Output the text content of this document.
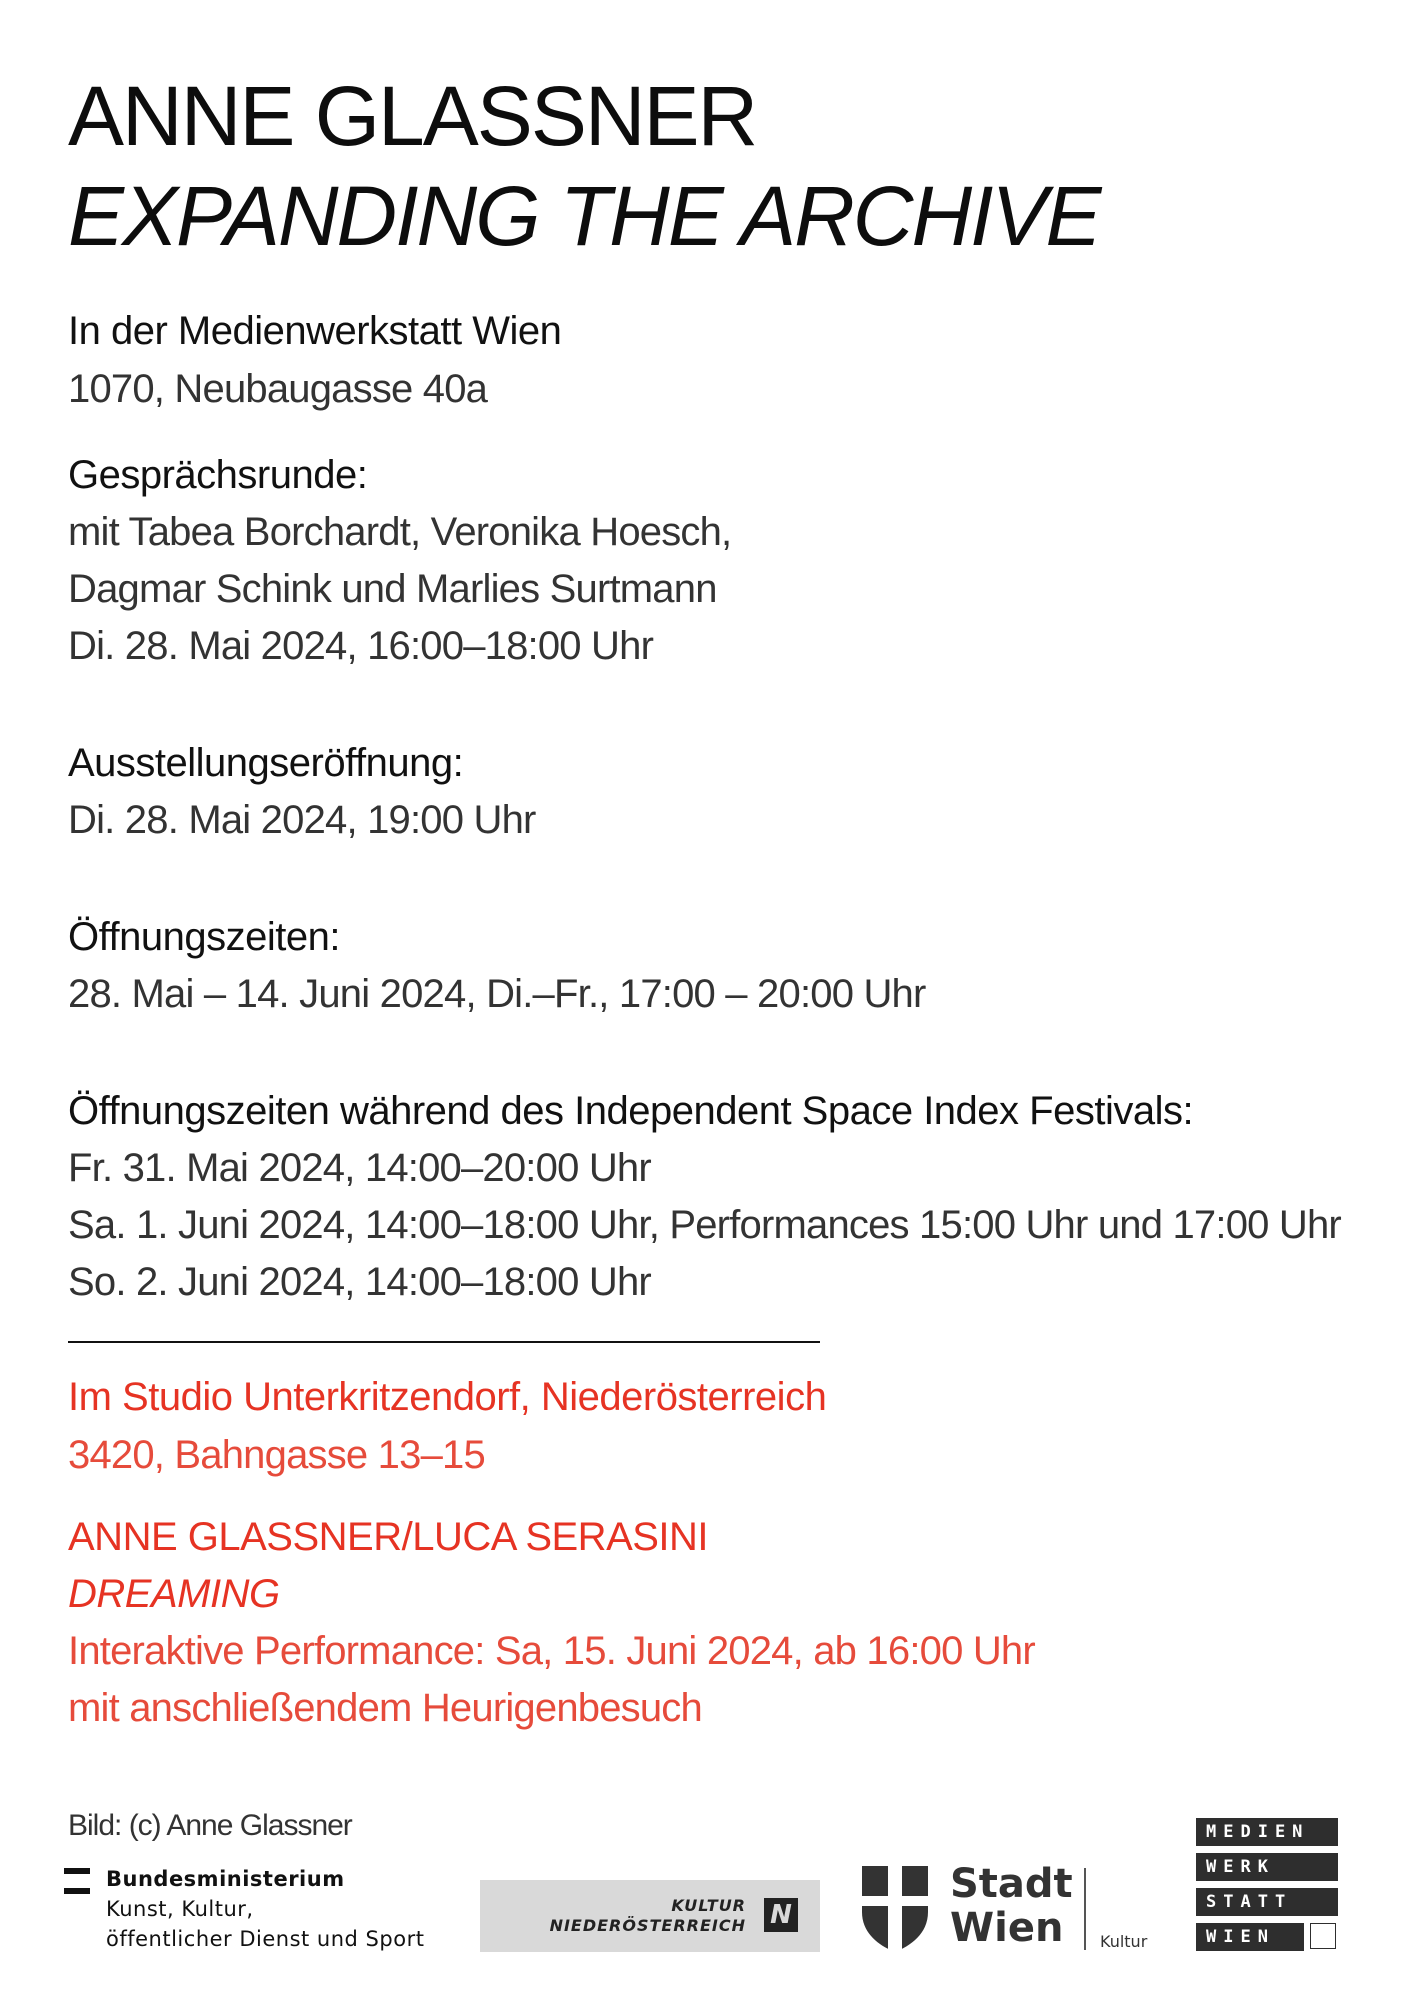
ANNE GLASSNER
EXPANDING THE ARCHIVE
In der Medienwerkstatt Wien
1070, Neubaugasse 40a
Gesprächsrunde:
mit Tabea Borchardt, Veronika Hoesch,
Dagmar Schink und Marlies Surtmann
Di. 28. Mai 2024, 16:00–18:00 Uhr
Ausstellungseröffnung:
Di. 28. Mai 2024, 19:00 Uhr
Öffnungszeiten:
28. Mai – 14. Juni 2024, Di.–Fr., 17:00 – 20:00 Uhr
Öffnungszeiten während des Independent Space Index Festivals:
Fr. 31. Mai 2024, 14:00–20:00 Uhr
Sa. 1. Juni 2024, 14:00–18:00 Uhr, Performances 15:00 Uhr und 17:00 Uhr
So. 2. Juni 2024, 14:00–18:00 Uhr
Im Studio Unterkritzendorf, Niederösterreich
3420, Bahngasse 13–15
ANNE GLASSNER/LUCA SERASINI
DREAMING
Interaktive Performance: Sa, 15. Juni 2024, ab 16:00 Uhr
mit anschließendem Heurigenbesuch
Bild: (c) Anne Glassner
Bundesministerium
Kunst, Kultur,
öffentlicher Dienst und Sport
KULTUR
NIEDERÖSTERREICH N
Stadt
Wien	Kultur
MEDIEN
WERK
STATT
WIEN
